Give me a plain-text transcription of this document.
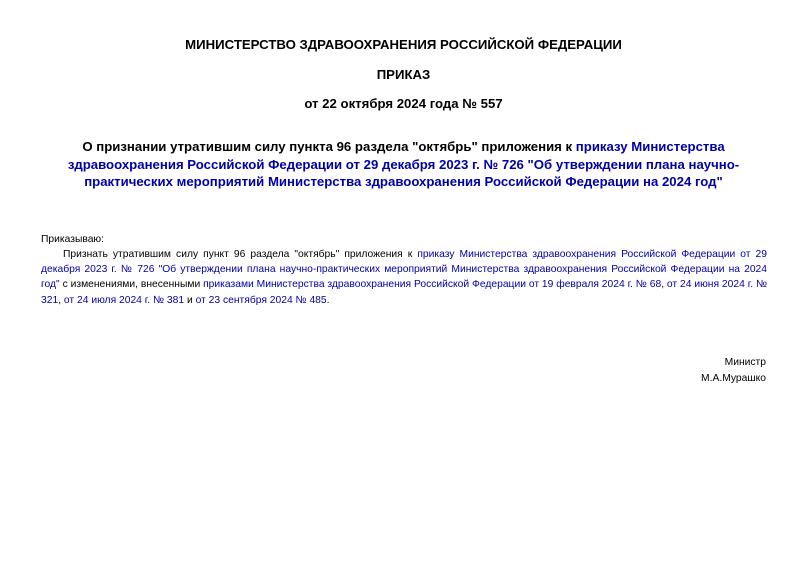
МИНИСТЕРСТВО ЗДРАВООХРАНЕНИЯ РОССИЙСКОЙ ФЕДЕРАЦИИ
ПРИКАЗ
от 22 октября 2024 года № 557
О признании утратившим силу пункта 96 раздела "октябрь" приложения к приказу Министерства здравоохранения Российской Федерации от 29 декабря 2023 г. № 726 "Об утверждении плана научно-практических мероприятий Министерства здравоохранения Российской Федерации на 2024 год"
Приказываю:
Признать утратившим силу пункт 96 раздела "октябрь" приложения к приказу Министерства здравоохранения Российской Федерации от 29 декабря 2023 г. № 726 "Об утверждении плана научно-практических мероприятий Министерства здравоохранения Российской Федерации на 2024 год" с изменениями, внесенными приказами Министерства здравоохранения Российской Федерации от 19 февраля 2024 г. № 68, от 24 июня 2024 г. № 321, от 24 июля 2024 г. № 381 и от 23 сентября 2024 № 485.
Министр
М.А.Мурашко
